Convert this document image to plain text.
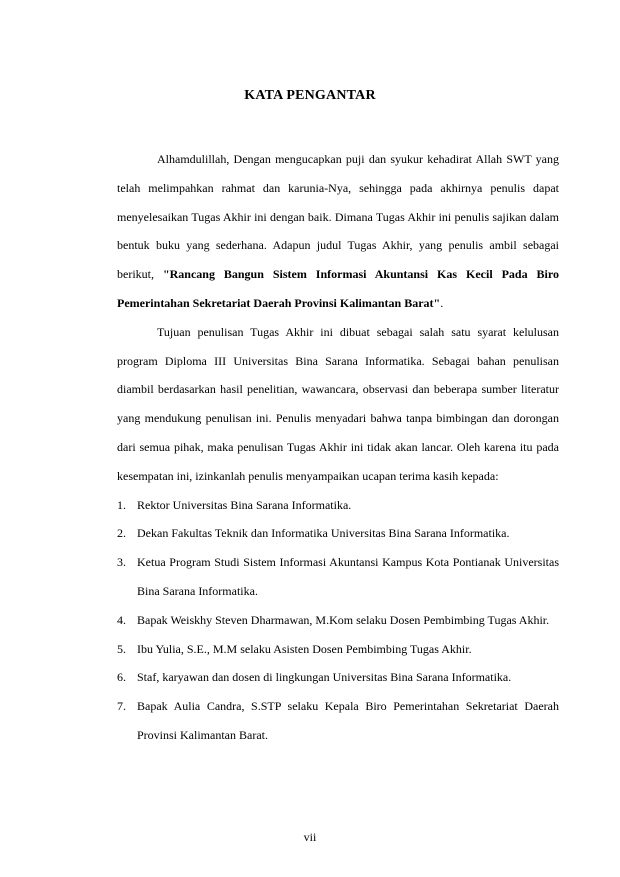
KATA PENGANTAR

Alhamdulillah, Dengan mengucapkan puji dan syukur kehadirat Allah SWT yang telah melimpahkan rahmat dan karunia-Nya, sehingga pada akhirnya penulis dapat menyelesaikan Tugas Akhir ini dengan baik. Dimana Tugas Akhir ini penulis sajikan dalam bentuk buku yang sederhana. Adapun judul Tugas Akhir, yang penulis ambil sebagai berikut, "Rancang Bangun Sistem Informasi Akuntansi Kas Kecil Pada Biro Pemerintahan Sekretariat Daerah Provinsi Kalimantan Barat".

Tujuan penulisan Tugas Akhir ini dibuat sebagai salah satu syarat kelulusan program Diploma III Universitas Bina Sarana Informatika. Sebagai bahan penulisan diambil berdasarkan hasil penelitian, wawancara, observasi dan beberapa sumber literatur yang mendukung penulisan ini. Penulis menyadari bahwa tanpa bimbingan dan dorongan dari semua pihak, maka penulisan Tugas Akhir ini tidak akan lancar. Oleh karena itu pada kesempatan ini, izinkanlah penulis menyampaikan ucapan terima kasih kepada:

1. Rektor Universitas Bina Sarana Informatika.
2. Dekan Fakultas Teknik dan Informatika Universitas Bina Sarana Informatika.
3. Ketua Program Studi Sistem Informasi Akuntansi Kampus Kota Pontianak Universitas Bina Sarana Informatika.
4. Bapak Weiskhy Steven Dharmawan, M.Kom selaku Dosen Pembimbing Tugas Akhir.
5. Ibu Yulia, S.E., M.M selaku Asisten Dosen Pembimbing Tugas Akhir.
6. Staf, karyawan dan dosen di lingkungan Universitas Bina Sarana Informatika.
7. Bapak Aulia Candra, S.STP selaku Kepala Biro Pemerintahan Sekretariat Daerah Provinsi Kalimantan Barat.
vii
